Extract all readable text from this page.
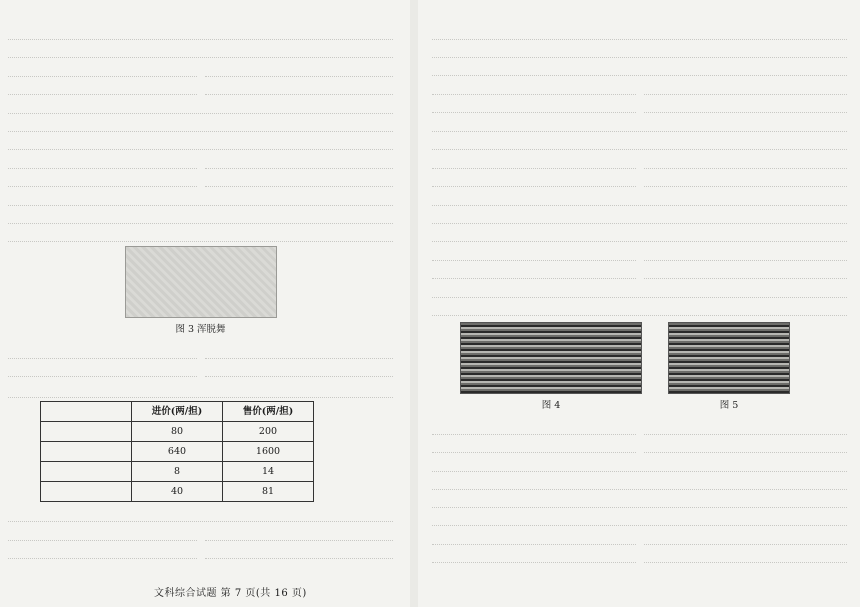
图 3 浑脱舞
	进价(两/担)	售价(两/担)
	80	200
	640	1600
	8	14
	40	81
图 4	图 5
文科综合试题 第 7 页(共 16 页)
